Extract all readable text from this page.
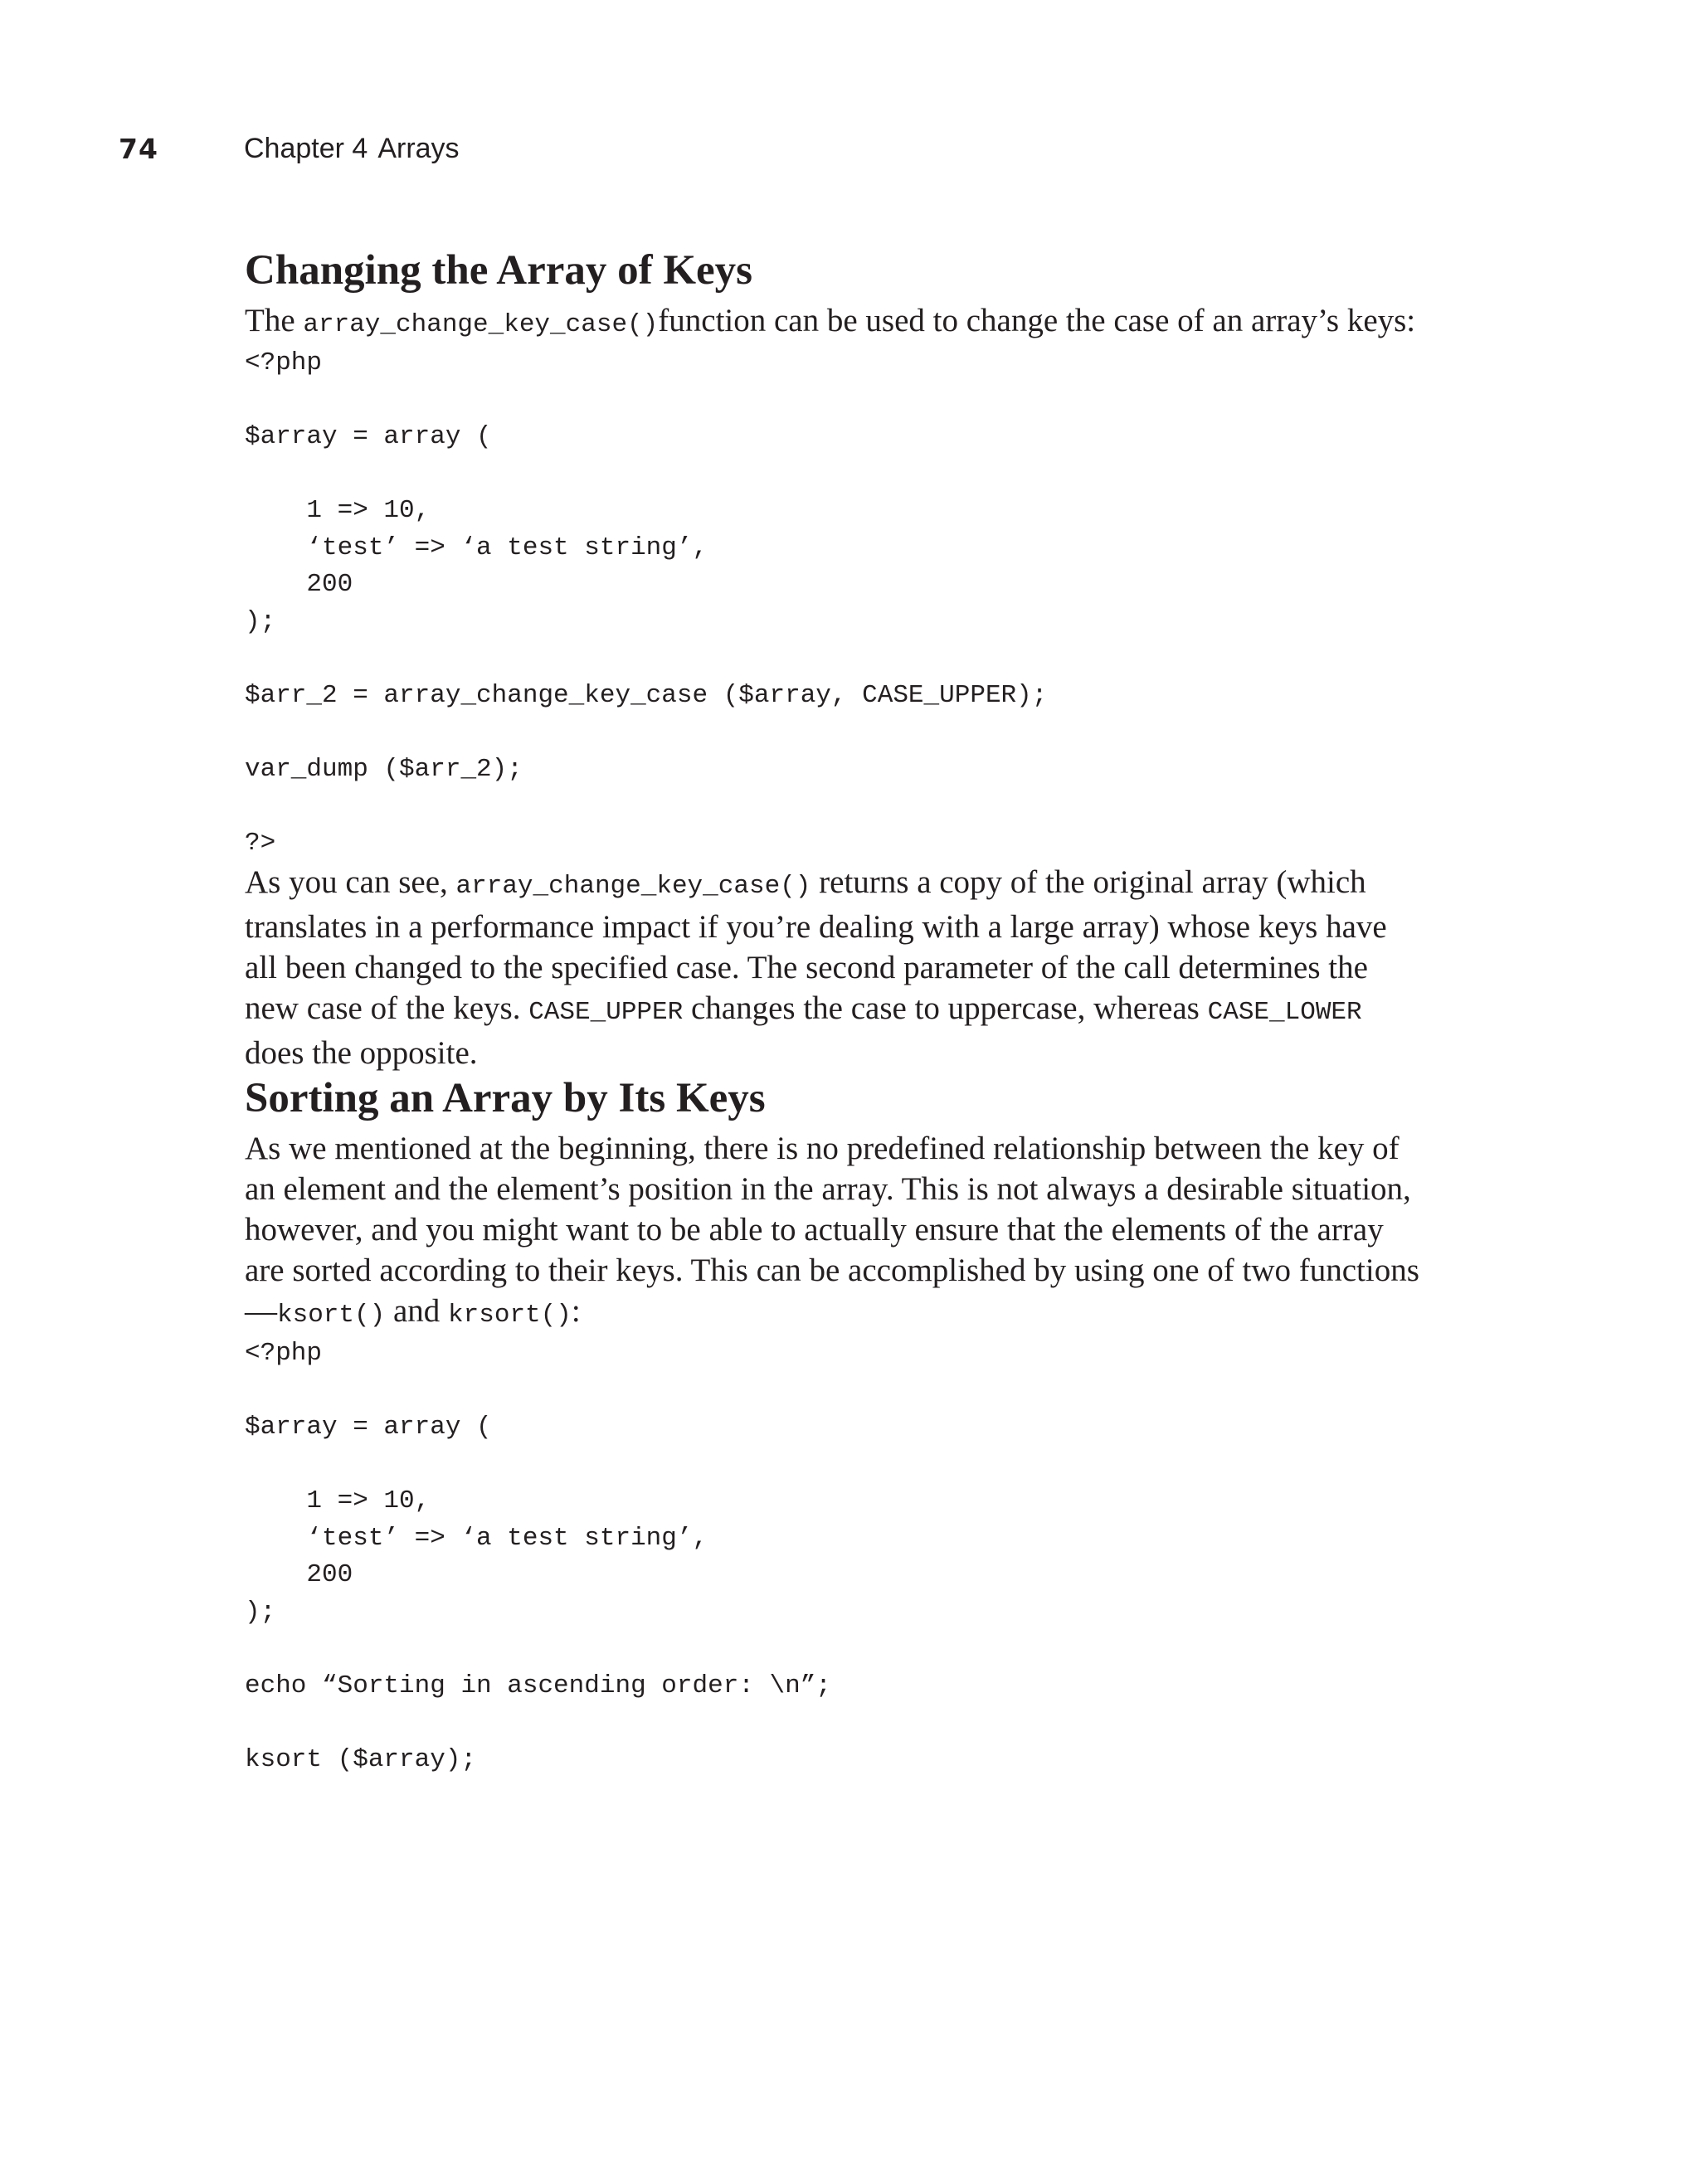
74	Chapter 4 Arrays
Changing the Array of Keys

The array_change_key_case()function can be used to change the case of an array’s keys:

<?php

$array = array (

1 => 10,
‘test’ => ‘a test string’,
200
);

$arr_2 = array_change_key_case ($array, CASE_UPPER);

var_dump ($arr_2);

?>

As you can see, array_change_key_case() returns a copy of the original array (which translates in a performance impact if you’re dealing with a large array) whose keys have all been changed to the specified case. The second parameter of the call determines the new case of the keys. CASE_UPPER changes the case to uppercase, whereas CASE_LOWER does the opposite.

Sorting an Array by Its Keys

As we mentioned at the beginning, there is no predefined relationship between the key of an element and the element’s position in the array. This is not always a desirable situation, however, and you might want to be able to actually ensure that the elements of the array are sorted according to their keys. This can be accomplished by using one of two functions—ksort() and krsort():

<?php

$array = array (

1 => 10,
‘test’ => ‘a test string’,
200
);

echo “Sorting in ascending order: \n”;

ksort ($array);
